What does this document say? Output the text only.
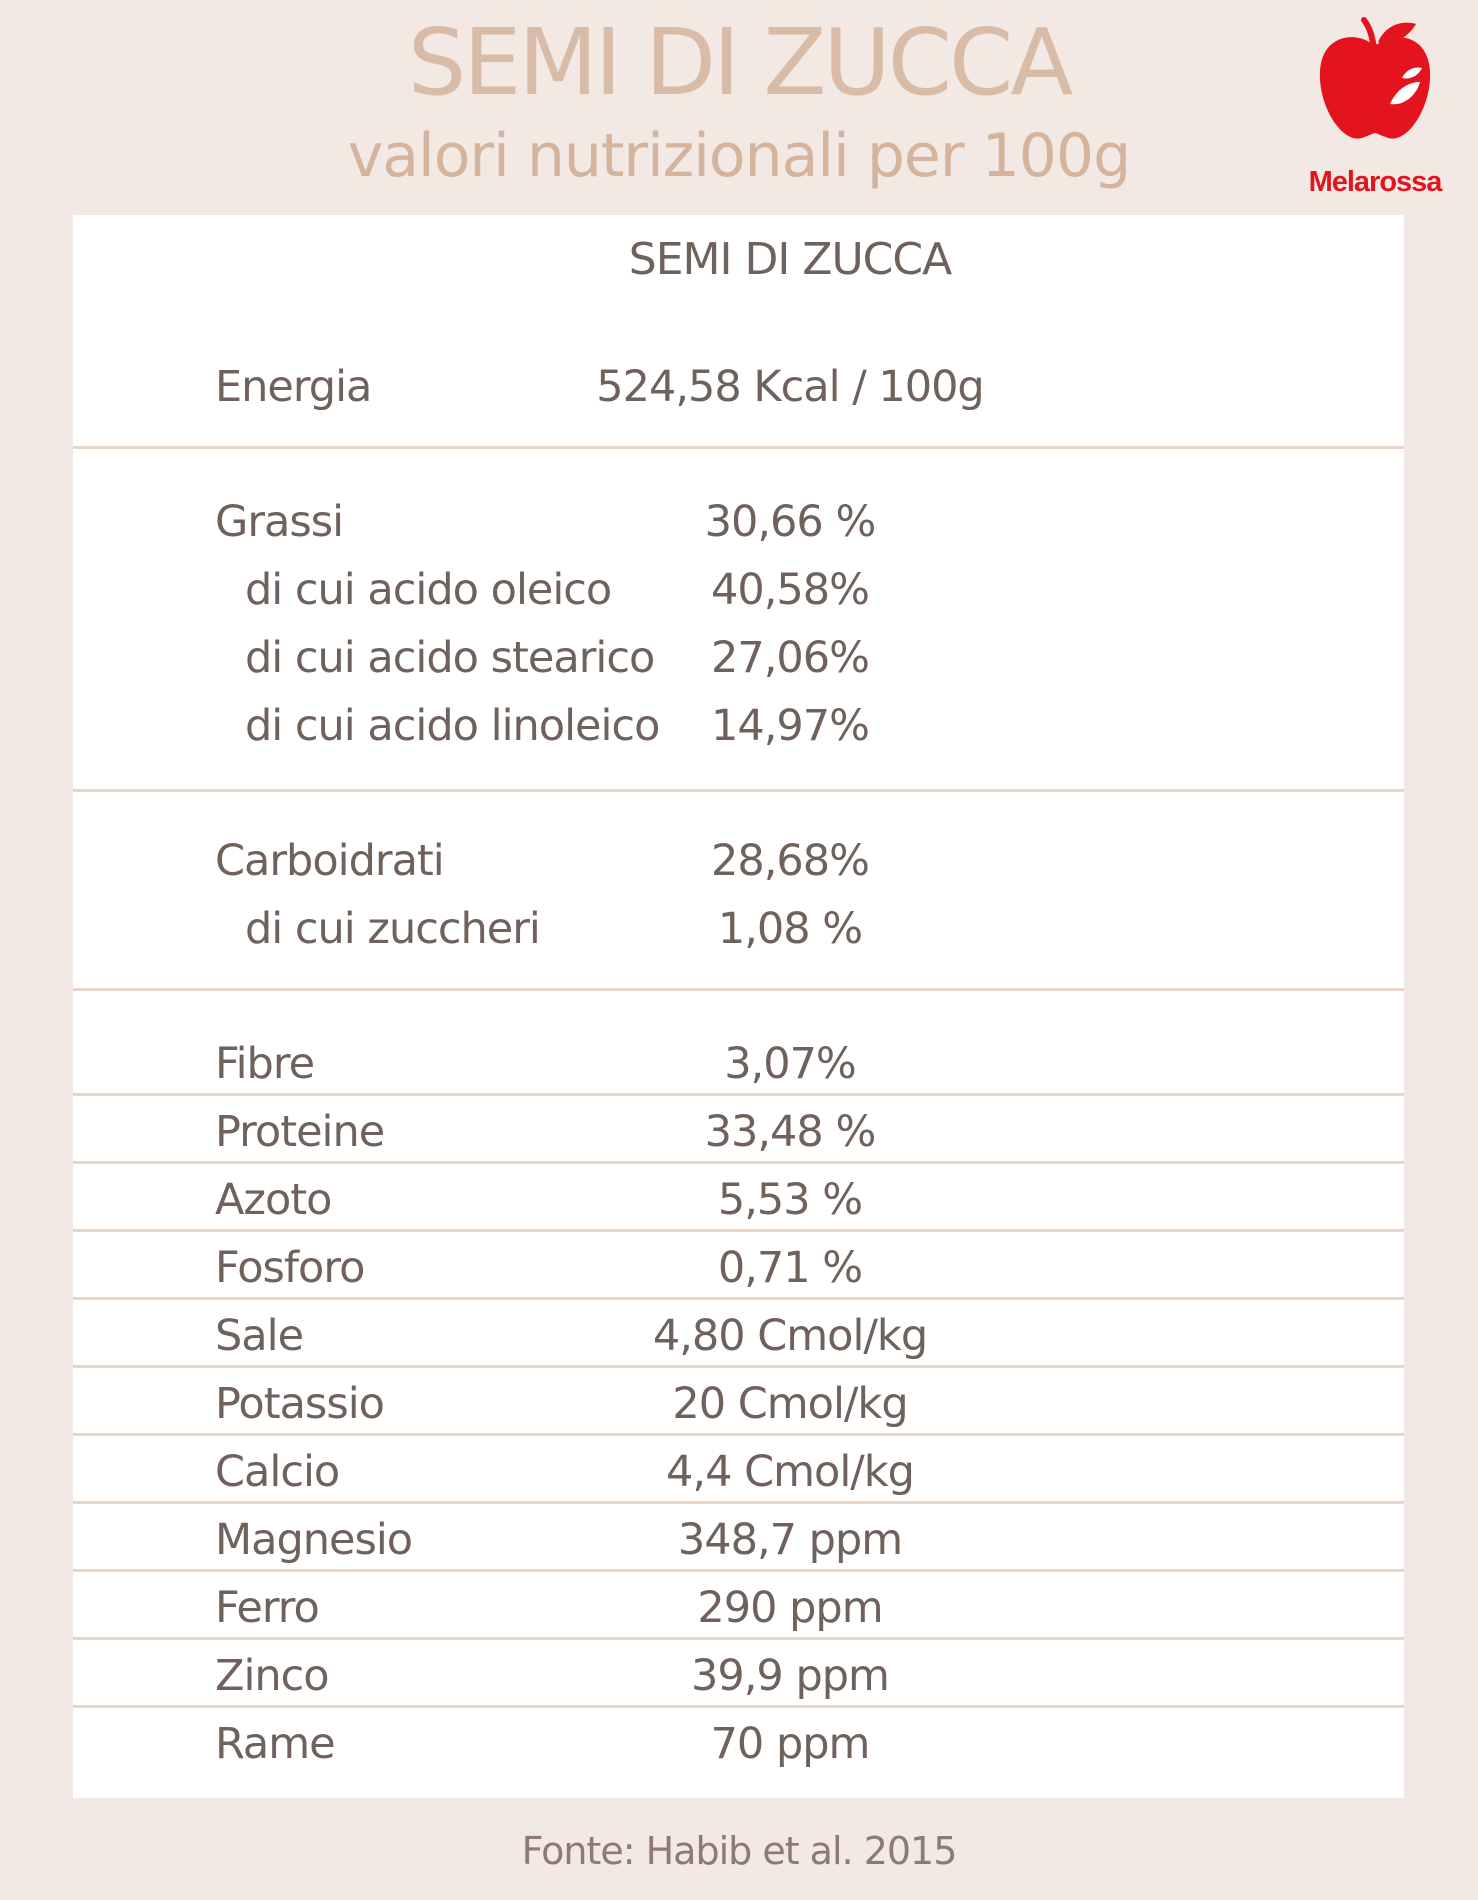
SEMI DI ZUCCA
valori nutrizionali per 100g	Melarossa
SEMI DI ZUCCA
Energia	524,58 Kcal / 100g
Grassi	30,66 %
di cui acido oleico	40,58%
di cui acido stearico	27,06%
di cui acido linoleico	14,97%
Carboidrati	28,68%
di cui zuccheri	1,08 %
Fibre	3,07%
Proteine	33,48 %
Azoto	5,53 %
Fosforo	0,71 %
Sale	4,80 Cmol/kg
Potassio	20 Cmol/kg
Calcio	4,4 Cmol/kg
Magnesio	348,7 ppm
Ferro	290 ppm
Zinco	39,9 ppm
Rame	70 ppm
Fonte: Habib et al. 2015
